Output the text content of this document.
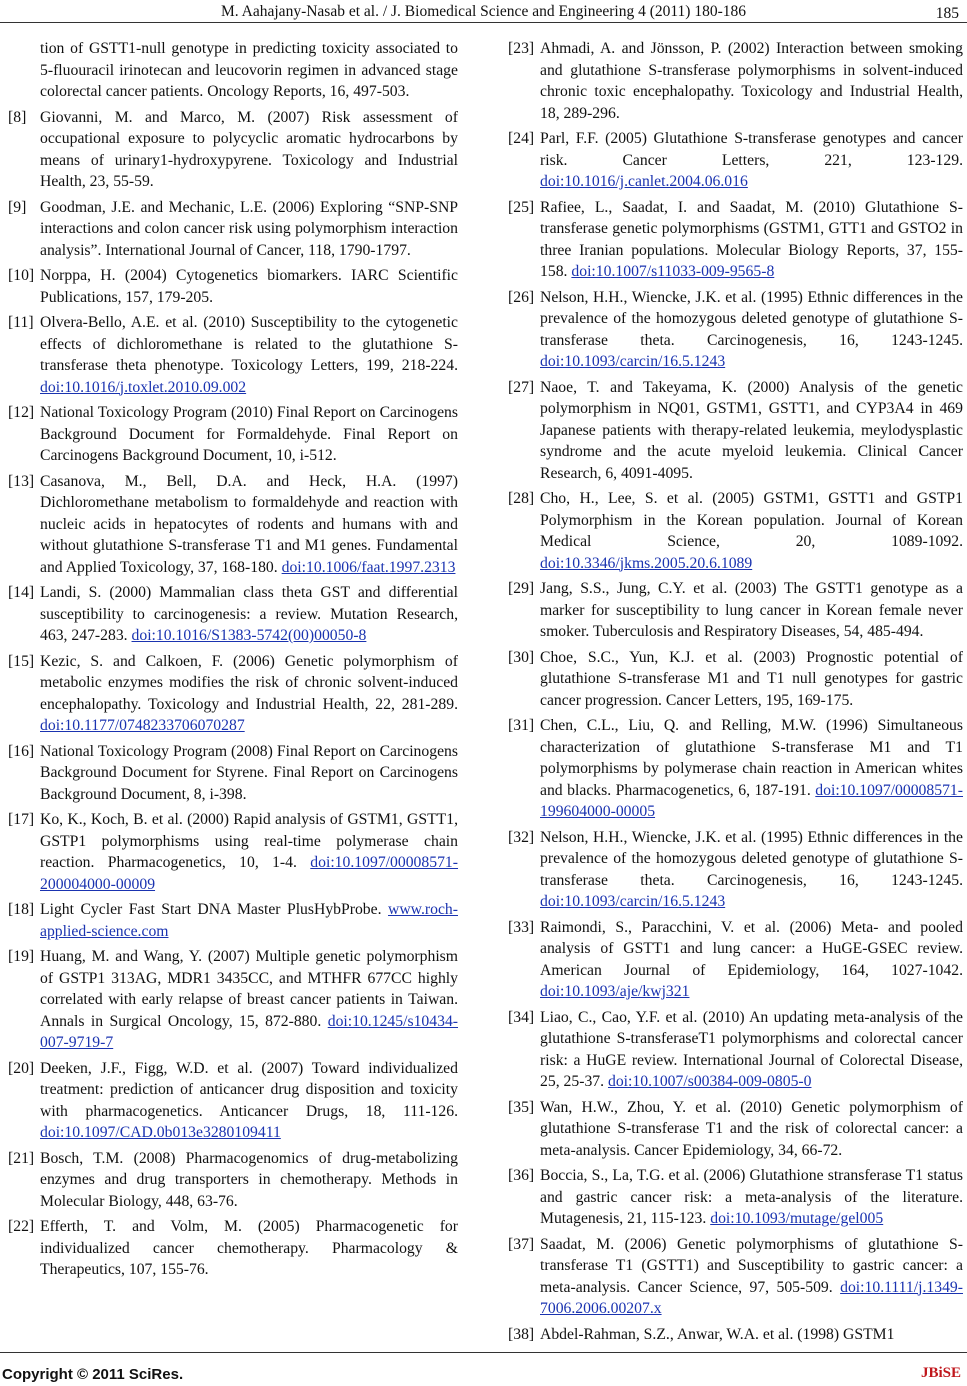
M. Aahajany-Nasab et al. / J. Biomedical Science and Engineering 4 (2011) 180-186	185
tion of GSTT1-null genotype in predicting toxicity associated to 5-fluouracil irinotecan and leucovorin regimen in advanced stage colorectal cancer patients. Oncology Reports, 16, 497-503.
[8] Giovanni, M. and Marco, M. (2007) Risk assessment of occupational exposure to polycyclic aromatic hydrocarbons by means of urinary1-hydroxypyrene. Toxicology and Industrial Health, 23, 55-59.
[9] Goodman, J.E. and Mechanic, L.E. (2006) Exploring “SNP-SNP interactions and colon cancer risk using polymorphism interaction analysis”. International Journal of Cancer, 118, 1790-1797.
[10] Norppa, H. (2004) Cytogenetics biomarkers. IARC Scientific Publications, 157, 179-205.
[11] Olvera-Bello, A.E. et al. (2010) Susceptibility to the cytogenetic effects of dichloromethane is related to the glutathione S-transferase theta phenotype. Toxicology Letters, 199, 218-224. doi:10.1016/j.toxlet.2010.09.002
[12] National Toxicology Program (2010) Final Report on Carcinogens Background Document for Formaldehyde. Final Report on Carcinogens Background Document, 10, i-512.
[13] Casanova, M., Bell, D.A. and Heck, H.A. (1997) Dichloromethane metabolism to formaldehyde and reaction with nucleic acids in hepatocytes of rodents and humans with and without glutathione S-transferase T1 and M1 genes. Fundamental and Applied Toxicology, 37, 168-180. doi:10.1006/faat.1997.2313
[14] Landi, S. (2000) Mammalian class theta GST and differential susceptibility to carcinogenesis: a review. Mutation Research, 463, 247-283. doi:10.1016/S1383-5742(00)00050-8
[15] Kezic, S. and Calkoen, F. (2006) Genetic polymorphism of metabolic enzymes modifies the risk of chronic solvent-induced encephalopathy. Toxicology and Industrial Health, 22, 281-289. doi:10.1177/0748233706070287
[16] National Toxicology Program (2008) Final Report on Carcinogens Background Document for Styrene. Final Report on Carcinogens Background Document, 8, i-398.
[17] Ko, K., Koch, B. et al. (2000) Rapid analysis of GSTM1, GSTT1, GSTP1 polymorphisms using real-time polymerase chain reaction. Pharmacogenetics, 10, 1-4. doi:10.1097/00008571-200004000-00009
[18] Light Cycler Fast Start DNA Master PlusHybProbe. www.roch-applied-science.com
[19] Huang, M. and Wang, Y. (2007) Multiple genetic polymorphism of GSTP1 313AG, MDR1 3435CC, and MTHFR 677CC highly correlated with early relapse of breast cancer patients in Taiwan. Annals in Surgical Oncology, 15, 872-880. doi:10.1245/s10434-007-9719-7
[20] Deeken, J.F., Figg, W.D. et al. (2007) Toward individualized treatment: prediction of anticancer drug disposition and toxicity with pharmacogenetics. Anticancer Drugs, 18, 111-126. doi:10.1097/CAD.0b013e3280109411
[21] Bosch, T.M. (2008) Pharmacogenomics of drug-metabolizing enzymes and drug transporters in chemotherapy. Methods in Molecular Biology, 448, 63-76.
[22] Efferth, T. and Volm, M. (2005) Pharmacogenetic for individualized cancer chemotherapy. Pharmacology & Therapeutics, 107, 155-76.
[23] Ahmadi, A. and Jönsson, P. (2002) Interaction between smoking and glutathione S-transferase polymorphisms in solvent-induced chronic toxic encephalopathy. Toxicology and Industrial Health, 18, 289-296.
[24] Parl, F.F. (2005) Glutathione S-transferase genotypes and cancer risk. Cancer Letters, 221, 123-129. doi:10.1016/j.canlet.2004.06.016
[25] Rafiee, L., Saadat, I. and Saadat, M. (2010) Glutathione S-transferase genetic polymorphisms (GSTM1, GTT1 and GSTO2 in three Iranian populations. Molecular Biology Reports, 37, 155-158. doi:10.1007/s11033-009-9565-8
[26] Nelson, H.H., Wiencke, J.K. et al. (1995) Ethnic differences in the prevalence of the homozygous deleted genotype of glutathione S-transferase theta. Carcinogenesis, 16, 1243-1245. doi:10.1093/carcin/16.5.1243
[27] Naoe, T. and Takeyama, K. (2000) Analysis of the genetic polymorphism in NQ01, GSTM1, GSTT1, and CYP3A4 in 469 Japanese patients with therapy-related leukemia, meylodysplastic syndrome and the acute myeloid leukemia. Clinical Cancer Research, 6, 4091-4095.
[28] Cho, H., Lee, S. et al. (2005) GSTM1, GSTT1 and GSTP1 Polymorphism in the Korean population. Journal of Korean Medical Science, 20, 1089-1092. doi:10.3346/jkms.2005.20.6.1089
[29] Jang, S.S., Jung, C.Y. et al. (2003) The GSTT1 genotype as a marker for susceptibility to lung cancer in Korean female never smoker. Tuberculosis and Respiratory Diseases, 54, 485-494.
[30] Choe, S.C., Yun, K.J. et al. (2003) Prognostic potential of glutathione S-transferase M1 and T1 null genotypes for gastric cancer progression. Cancer Letters, 195, 169-175.
[31] Chen, C.L., Liu, Q. and Relling, M.W. (1996) Simultaneous characterization of glutathione S-transferase M1 and T1 polymorphisms by polymerase chain reaction in American whites and blacks. Pharmacogenetics, 6, 187-191. doi:10.1097/00008571-199604000-00005
[32] Nelson, H.H., Wiencke, J.K. et al. (1995) Ethnic differences in the prevalence of the homozygous deleted genotype of glutathione S-transferase theta. Carcinogenesis, 16, 1243-1245. doi:10.1093/carcin/16.5.1243
[33] Raimondi, S., Paracchini, V. et al. (2006) Meta- and pooled analysis of GSTT1 and lung cancer: a HuGE-GSEC review. American Journal of Epidemiology, 164, 1027-1042. doi:10.1093/aje/kwj321
[34] Liao, C., Cao, Y.F. et al. (2010) An updating meta-analysis of the glutathione S-transferaseT1 polymorphisms and colorectal cancer risk: a HuGE review. International Journal of Colorectal Disease, 25, 25-37. doi:10.1007/s00384-009-0805-0
[35] Wan, H.W., Zhou, Y. et al. (2010) Genetic polymorphism of glutathione S-transferase T1 and the risk of colorectal cancer: a meta-analysis. Cancer Epidemiology, 34, 66-72.
[36] Boccia, S., La, T.G. et al. (2006) Glutathione stransferase T1 status and gastric cancer risk: a meta-analysis of the literature. Mutagenesis, 21, 115-123. doi:10.1093/mutage/gel005
[37] Saadat, M. (2006) Genetic polymorphisms of glutathione S-transferase T1 (GSTT1) and Susceptibility to gastric cancer: a meta-analysis. Cancer Science, 97, 505-509. doi:10.1111/j.1349-7006.2006.00207.x
[38] Abdel-Rahman, S.Z., Anwar, W.A. et al. (1998) GSTM1
Copyright © 2011 SciRes.	JBiSE
